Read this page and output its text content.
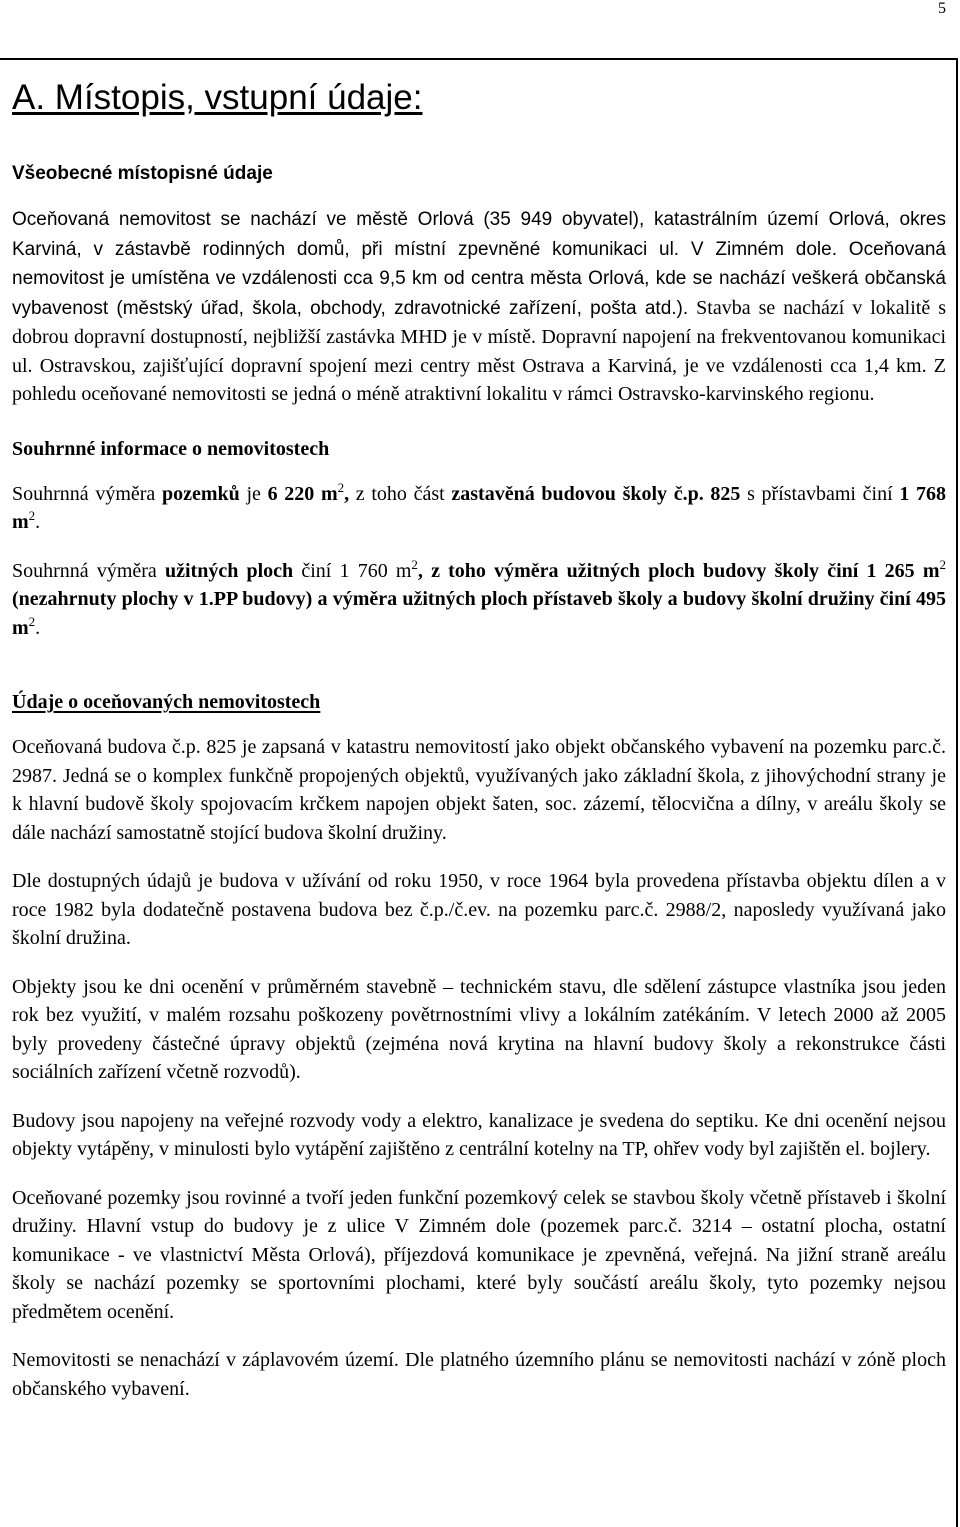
5
A. Místopis, vstupní údaje:
Všeobecné místopisné údaje

Oceňovaná nemovitost se nachází ve městě Orlová (35 949 obyvatel), katastrálním území Orlová, okres Karviná, v zástavbě rodinných domů, při místní zpevněné komunikaci ul. V Zimném dole. Oceňovaná nemovitost je umístěna ve vzdálenosti cca 9,5 km od centra města Orlová, kde se nachází veškerá občanská vybavenost (městský úřad, škola, obchody, zdravotnické zařízení, pošta atd.). Stavba se nachází v lokalitě s dobrou dopravní dostupností, nejbližší zastávka MHD je v místě. Dopravní napojení na frekventovanou komunikaci ul. Ostravskou, zajišťující dopravní spojení mezi centry měst Ostrava a Karviná, je ve vzdálenosti cca 1,4 km. Z pohledu oceňované nemovitosti se jedná o méně atraktivní lokalitu v rámci Ostravsko-karvinského regionu.

Souhrnné informace o nemovitostech

Souhrnná výměra pozemků je 6 220 $m^2$, z toho část zastavěná budovou školy č.p. 825 s přístavbami činí 1 768 $m^2$.

Souhrnná výměra užitných ploch činí 1 760 $m^2$, z toho výměra užitných ploch budovy školy činí 1 265 $m^2$ (nezahrnuty plochy v 1.PP budovy) a výměra užitných ploch přístaveb školy a budovy školní družiny činí 495 $m^2$.

Údaje o oceňovaných nemovitostech

Oceňovaná budova č.p. 825 je zapsaná v katastru nemovitostí jako objekt občanského vybavení na pozemku parc.č. 2987. Jedná se o komplex funkčně propojených objektů, využívaných jako základní škola, z jihovýchodní strany je k hlavní budově školy spojovacím krčkem napojen objekt šaten, soc. zázemí, tělocvična a dílny, v areálu školy se dále nachází samostatně stojící budova školní družiny.

Dle dostupných údajů je budova v užívání od roku 1950, v roce 1964 byla provedena přístavba objektu dílen a v roce 1982 byla dodatečně postavena budova bez č.p./č.ev. na pozemku parc.č. 2988/2, naposledy využívaná jako školní družina.

Objekty jsou ke dni ocenění v průměrném stavebně – technickém stavu, dle sdělení zástupce vlastníka jsou jeden rok bez využití, v malém rozsahu poškozeny povětrnostními vlivy a lokálním zatékáním. V letech 2000 až 2005 byly provedeny částečné úpravy objektů (zejména nová krytina na hlavní budovy školy a rekonstrukce části sociálních zařízení včetně rozvodů).

Budovy jsou napojeny na veřejné rozvody vody a elektro, kanalizace je svedena do septiku. Ke dni ocenění nejsou objekty vytápěny, v minulosti bylo vytápění zajištěno z centrální kotelny na TP, ohřev vody byl zajištěn el. bojlery.

Oceňované pozemky jsou rovinné a tvoří jeden funkční pozemkový celek se stavbou školy včetně přístaveb i školní družiny. Hlavní vstup do budovy je z ulice V Zimném dole (pozemek parc.č. 3214 – ostatní plocha, ostatní komunikace - ve vlastnictví Města Orlová), příjezdová komunikace je zpevněná, veřejná. Na jižní straně areálu školy se nachází pozemky se sportovními plochami, které byly součástí areálu školy, tyto pozemky nejsou předmětem ocenění.

Nemovitosti se nenachází v záplavovém území. Dle platného územního plánu se nemovitosti nachází v zóně ploch občanského vybavení.
